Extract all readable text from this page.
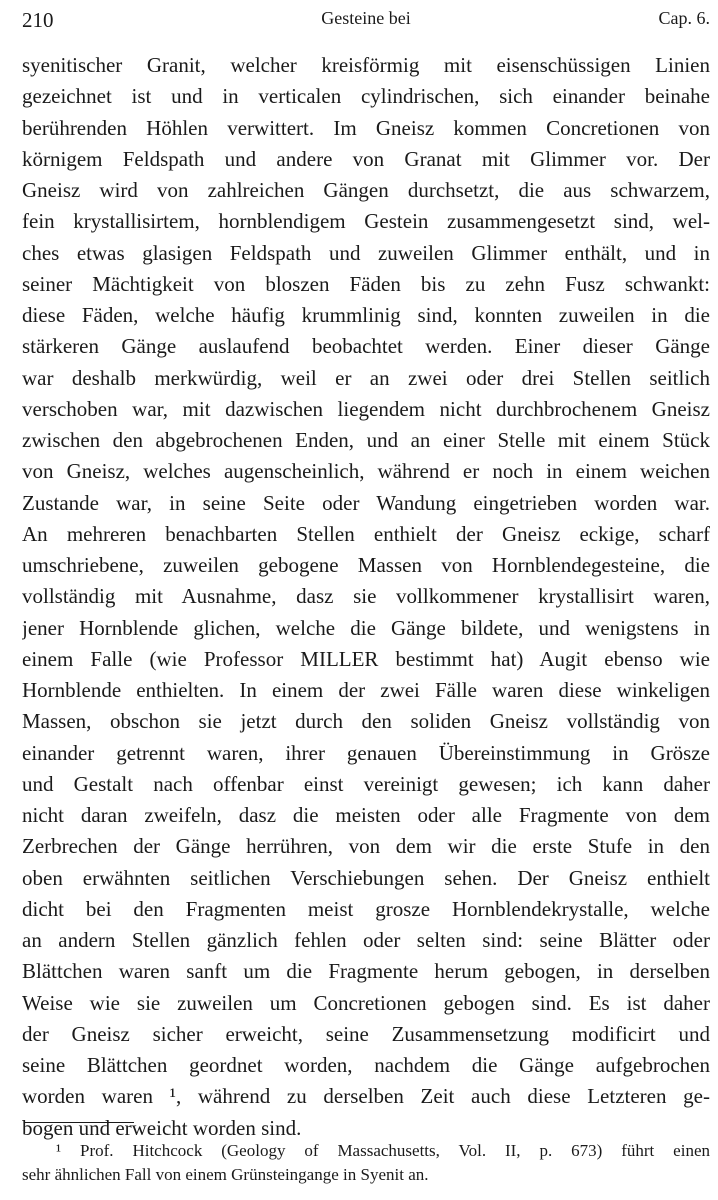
210	Gesteine bei	Cap. 6.
syenitischer Granit, welcher kreisförmig mit eisenschüssigen Linien
gezeichnet ist und in verticalen cylindrischen, sich einander beinahe
berührenden Höhlen verwittert. Im Gneisz kommen Concretionen von
körnigem Feldspath und andere von Granat mit Glimmer vor. Der
Gneisz wird von zahlreichen Gängen durchsetzt, die aus schwarzem,
fein krystallisirtem, hornblendigem Gestein zusammengesetzt sind, wel-
ches etwas glasigen Feldspath und zuweilen Glimmer enthält, und in
seiner Mächtigkeit von bloszen Fäden bis zu zehn Fusz schwankt:
diese Fäden, welche häufig krummlinig sind, konnten zuweilen in die
stärkeren Gänge auslaufend beobachtet werden. Einer dieser Gänge
war deshalb merkwürdig, weil er an zwei oder drei Stellen seitlich
verschoben war, mit dazwischen liegendem nicht durchbrochenem Gneisz
zwischen den abgebrochenen Enden, und an einer Stelle mit einem Stück
von Gneisz, welches augenscheinlich, während er noch in einem weichen
Zustande war, in seine Seite oder Wandung eingetrieben worden war.
An mehreren benachbarten Stellen enthielt der Gneisz eckige, scharf
umschriebene, zuweilen gebogene Massen von Hornblendegesteine, die
vollständig mit Ausnahme, dasz sie vollkommener krystallisirt waren,
jener Hornblende glichen, welche die Gänge bildete, und wenigstens in
einem Falle (wie Professor MILLER bestimmt hat) Augit ebenso wie
Hornblende enthielten. In einem der zwei Fälle waren diese winkeligen
Massen, obschon sie jetzt durch den soliden Gneisz vollständig von
einander getrennt waren, ihrer genauen Übereinstimmung in Grösze
und Gestalt nach offenbar einst vereinigt gewesen; ich kann daher
nicht daran zweifeln, dasz die meisten oder alle Fragmente von dem
Zerbrechen der Gänge herrühren, von dem wir die erste Stufe in den
oben erwähnten seitlichen Verschiebungen sehen. Der Gneisz enthielt
dicht bei den Fragmenten meist grosze Hornblendekrystalle, welche
an andern Stellen gänzlich fehlen oder selten sind: seine Blätter oder
Blättchen waren sanft um die Fragmente herum gebogen, in derselben
Weise wie sie zuweilen um Concretionen gebogen sind. Es ist daher
der Gneisz sicher erweicht, seine Zusammensetzung modificirt und
seine Blättchen geordnet worden, nachdem die Gänge aufgebrochen
worden waren ¹, während zu derselben Zeit auch diese Letzteren ge-
bogen und erweicht worden sind.
¹ Prof. Hitchcock (Geology of Massachusetts, Vol. II, p. 673) führt einen
sehr ähnlichen Fall von einem Grünsteingange in Syenit an.
